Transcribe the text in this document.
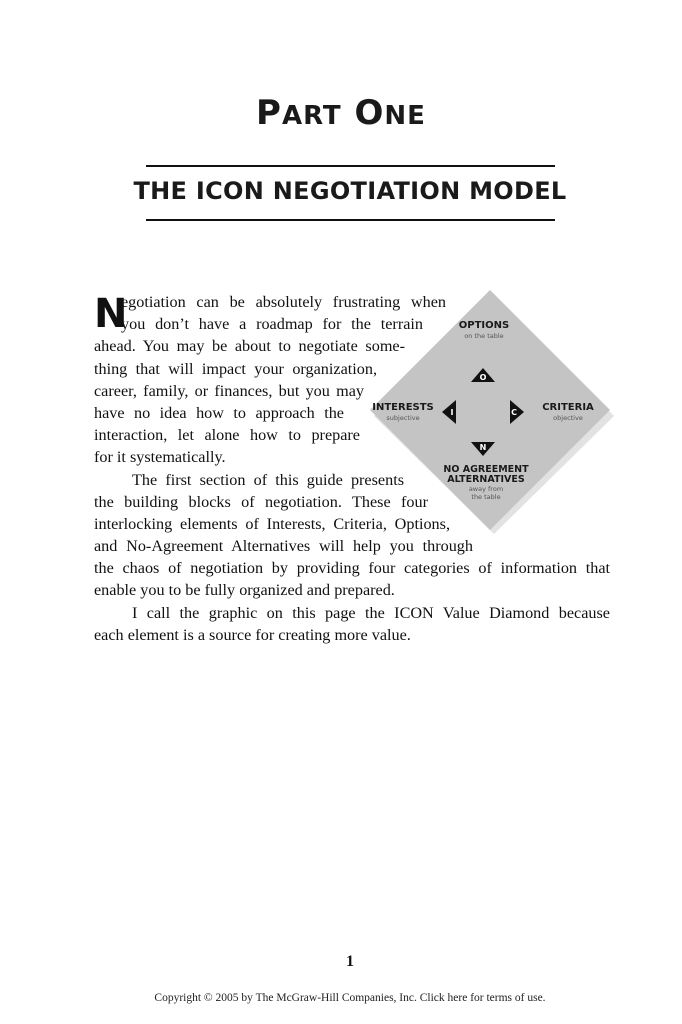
PART ONE
THE ICON NEGOTIATION MODEL
N
egotiation can be absolutely frustrating when
you don’t have a roadmap for the terrain
ahead. You may be about to negotiate some-
thing that will impact your organization,
career, family, or finances, but you may
have no idea how to approach the
interaction, let alone how to prepare
for it systematically.
The first section of this guide presents
the building blocks of negotiation. These four
interlocking elements of Interests, Criteria, Options,
and No-Agreement Alternatives will help you through
the chaos of negotiation by providing four categories of information that
enable you to be fully organized and prepared.
I call the graphic on this page the ICON Value Diamond because
each element is a source for creating more value.
OPTIONS
on the table
INTERESTS
subjective
CRITERIA
objective
NO AGREEMENT
ALTERNATIVES
away from
the table
O
I	C
N
1
Copyright © 2005 by The McGraw-Hill Companies, Inc. Click here for terms of use.
